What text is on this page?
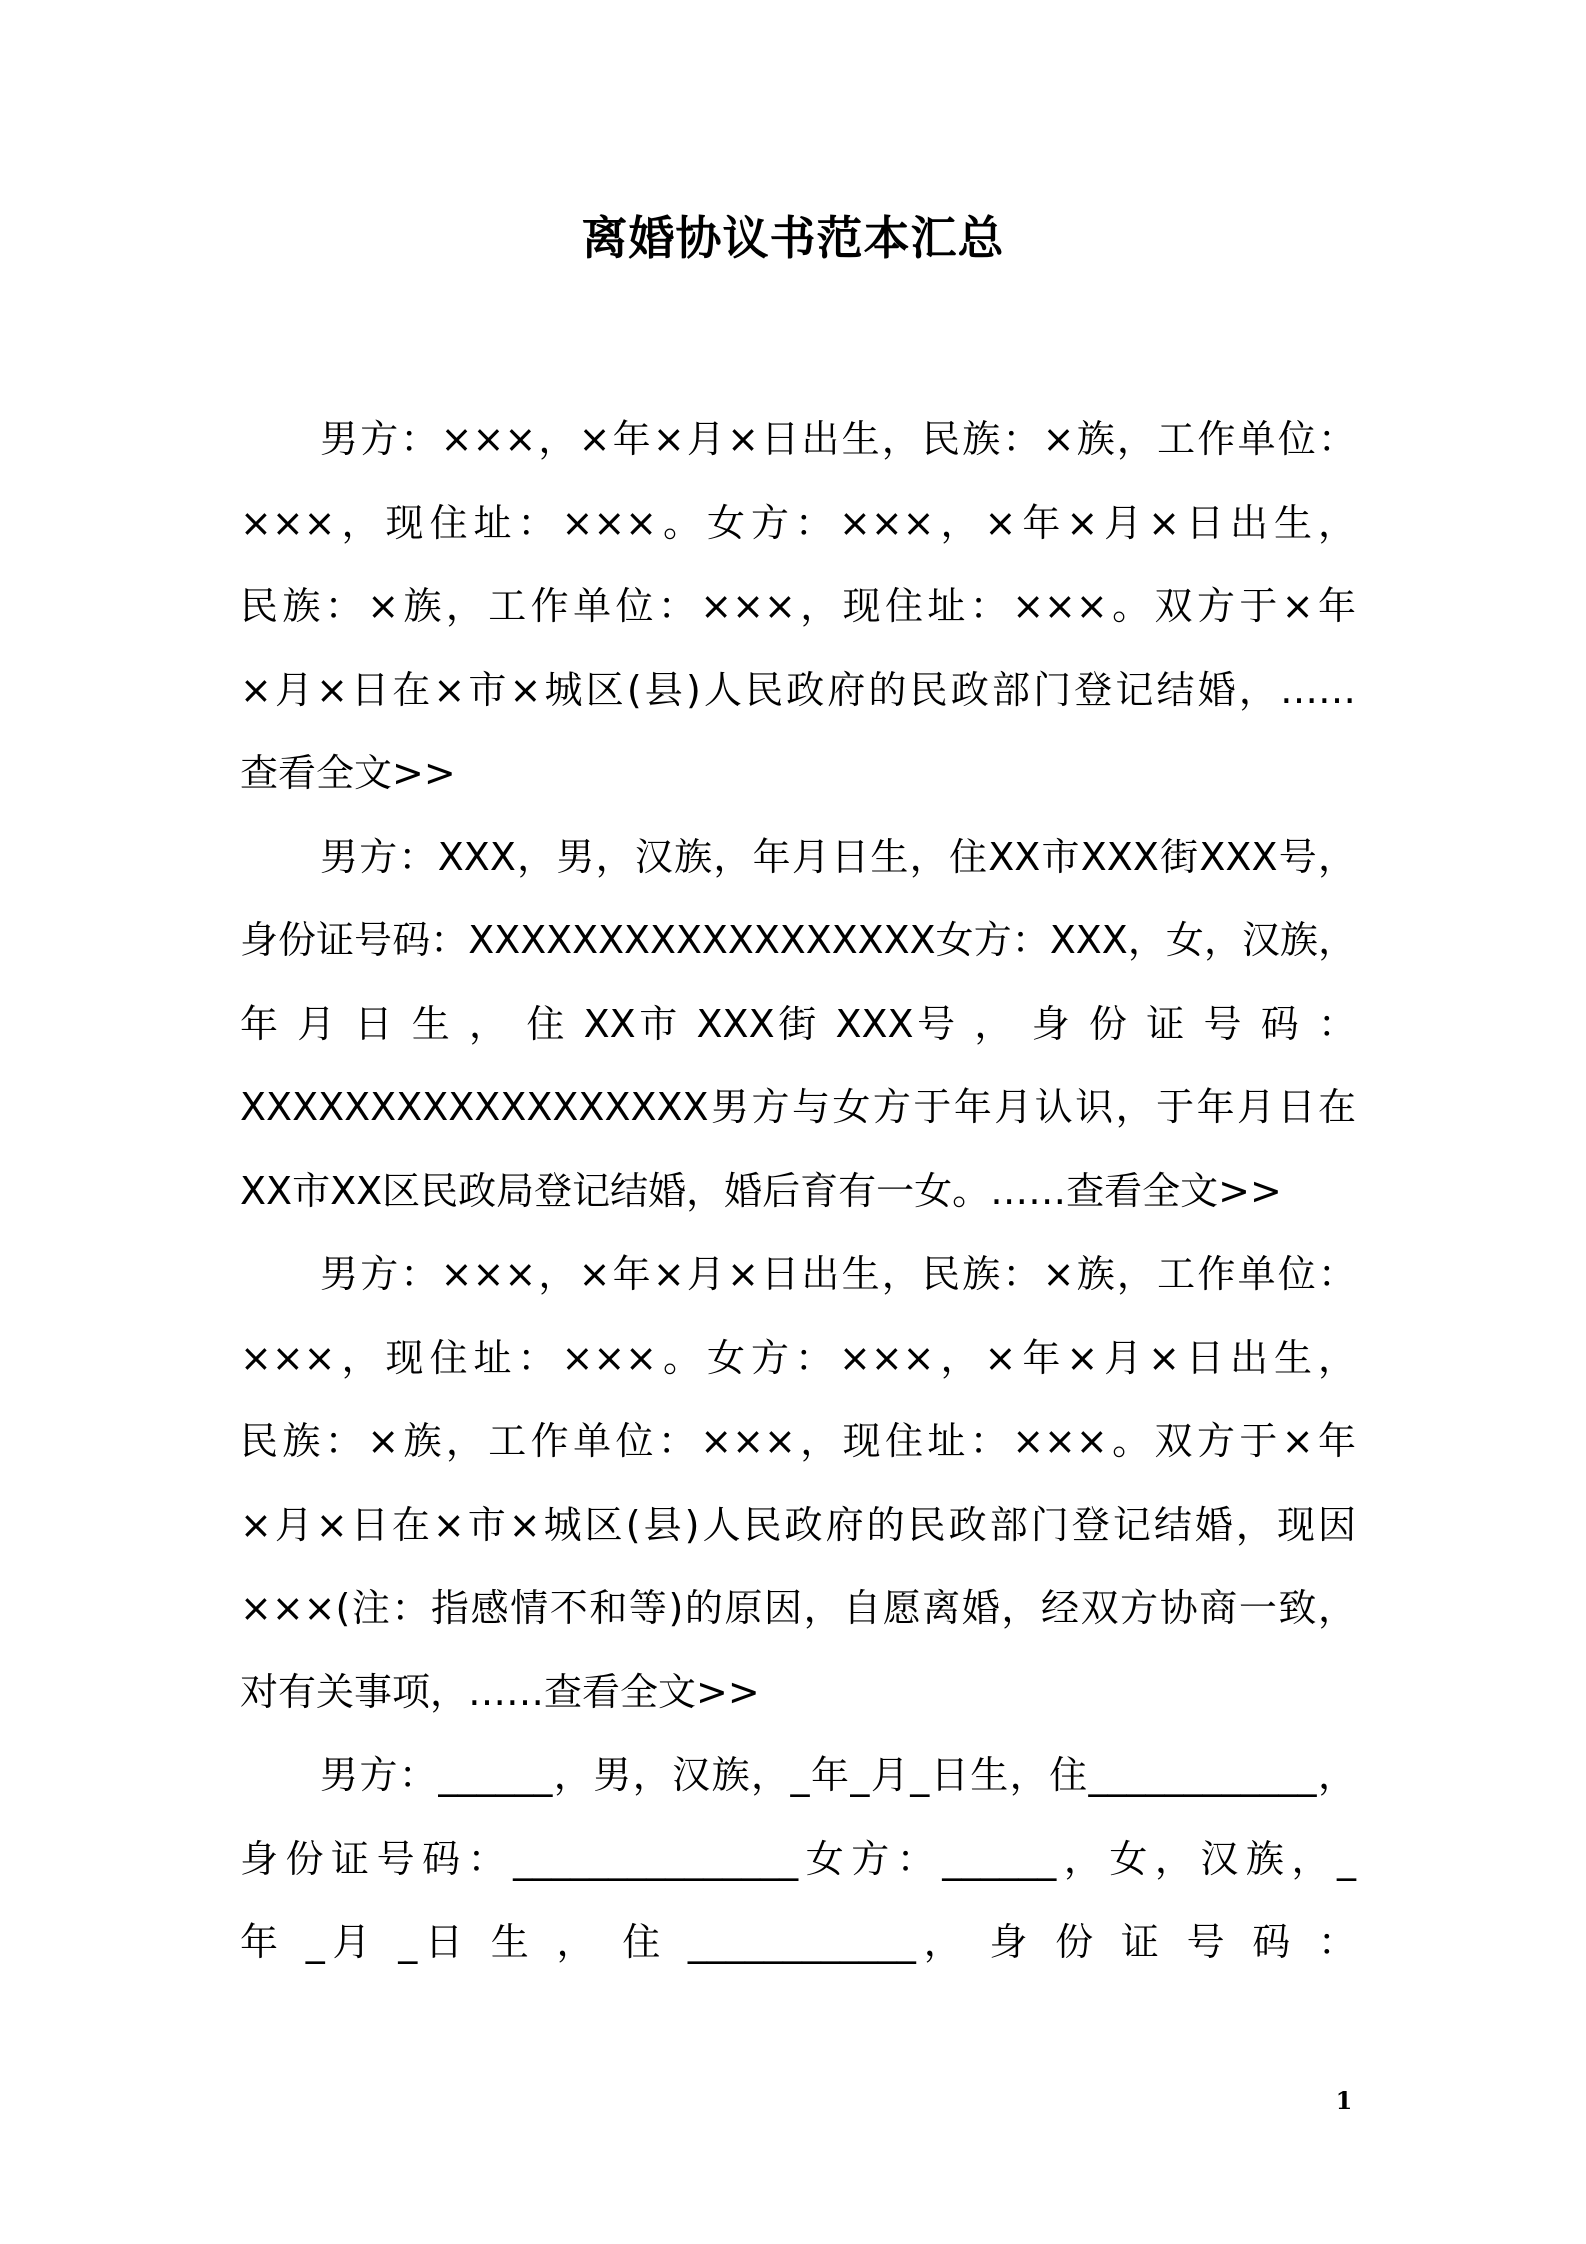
离婚协议书范本汇总
男方：×××，×年×月×日出生，民族：×族，工作单位：
×××，现住址：×××。女方：×××，×年×月×日出生，
民族：×族，工作单位：×××，现住址：×××。双方于×年
×月×日在×市×城区(县)人民政府的民政部门登记结婚，……
查看全文>>
男方：XXX，男，汉族，年月日生，住XX市XXX街XXX号，
身份证号码：XXXXXXXXXXXXXXXXXX女方：XXX，女，汉族，
年 月 日 生 ， 住 XX市 XXX街 XXX号 ， 身 份 证 号 码 ：
XXXXXXXXXXXXXXXXXX男方与女方于年月认识，于年月日在
XX市XX区民政局登记结婚，婚后育有一女。……查看全文>>
男方：×××，×年×月×日出生，民族：×族，工作单位：
×××，现住址：×××。女方：×××，×年×月×日出生，
民族：×族，工作单位：×××，现住址：×××。双方于×年
×月×日在×市×城区(县)人民政府的民政部门登记结婚，现因
×××(注：指感情不和等)的原因，自愿离婚，经双方协商一致，
对有关事项，……查看全文>>
男方：______，男，汉族，_年_月_日生，住____________，
身份证号码：_______________女方：______，女，汉族，_
年 _月 _日 生 ， 住 ____________， 身 份 证 号 码 ：
1
